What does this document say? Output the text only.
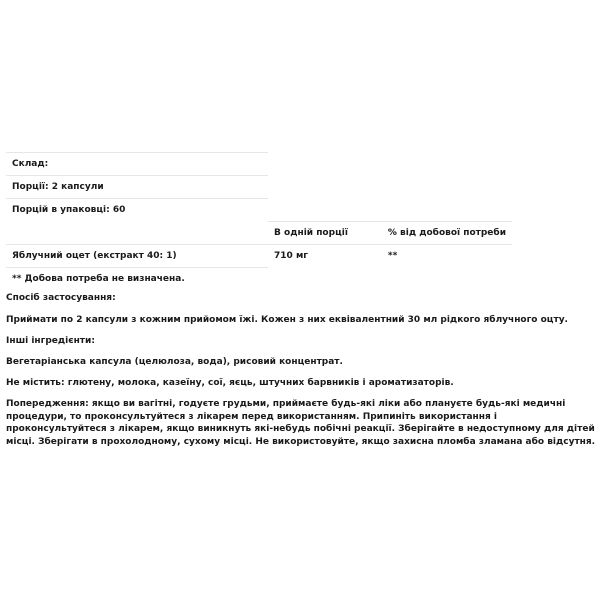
Склад:		
Порції: 2 капсули		
Порцій в упаковці: 60		
	В одній порції	% від добової потреби
Яблучний оцет (екстракт 40: 1)	710 мг	**
** Добова потреба не визначена.		

Спосіб застосування:

Приймати по 2 капсули з кожним прийомом їжі. Кожен з них еквівалентний 30 мл рідкого яблучного оцту.

Інші інгредієнти:

Вегетаріанська капсула (целюлоза, вода), рисовий концентрат.

Не містить: глютену, молока, казеїну, сої, яєць, штучних барвників і ароматизаторів.

Попередження: якщо ви вагітні, годуєте грудьми, приймаєте будь-які ліки або плануєте будь-які медичні процедури, то проконсультуйтеся з лікарем перед використанням. Припиніть використання і проконсультуйтеся з лікарем, якщо виникнуть які-небудь побічні реакції. Зберігайте в недоступному для дітей місці. Зберігати в прохолодному, сухому місці. Не використовуйте, якщо захисна пломба зламана або відсутня.
